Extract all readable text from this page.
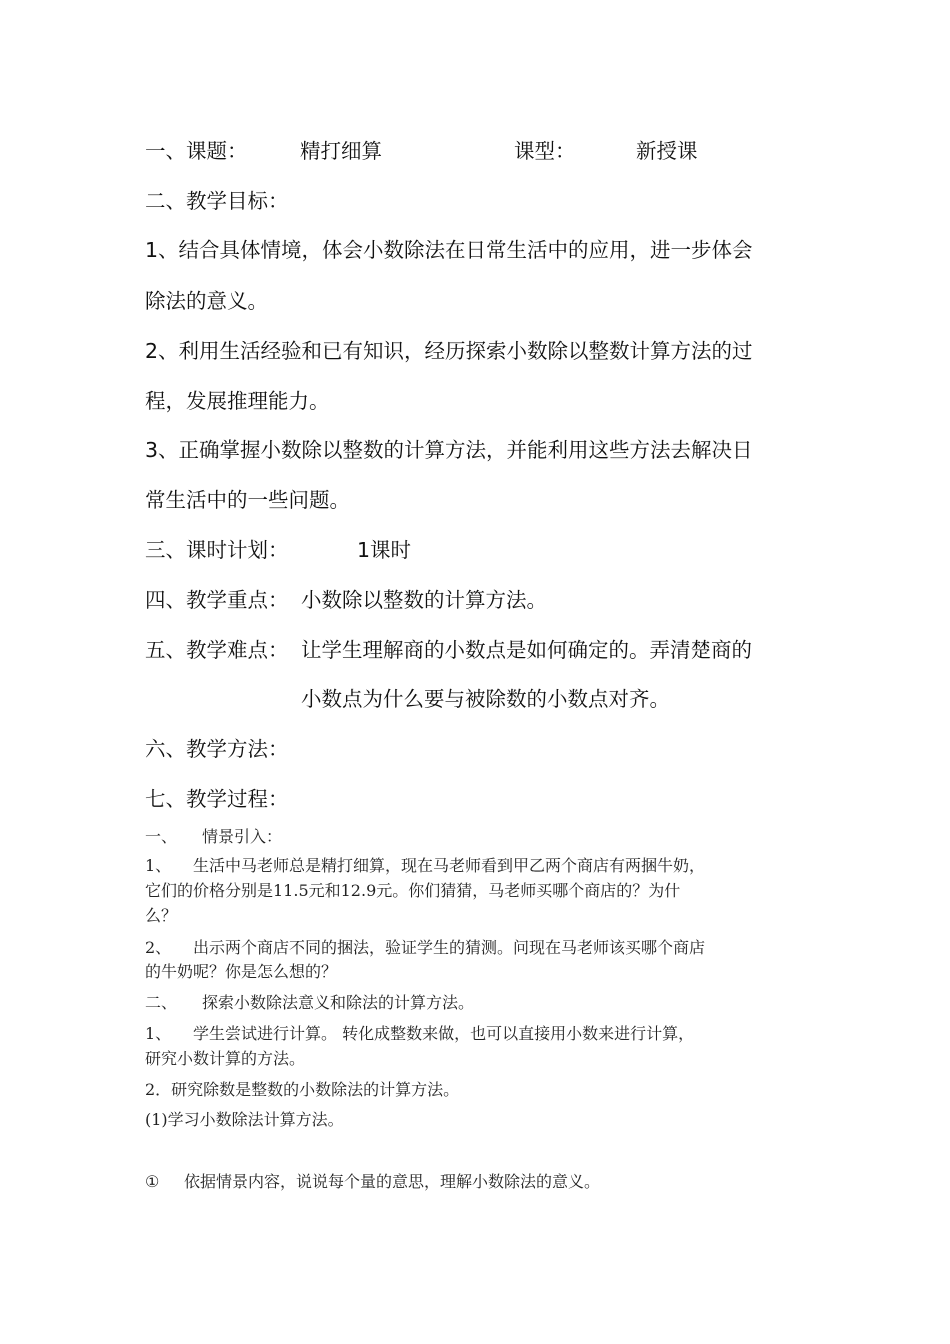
一、课题：	精打细算	课型：	新授课
二、教学目标：
1、结合具体情境，体会小数除法在日常生活中的应用，进一步体会
除法的意义。
2、利用生活经验和已有知识，经历探索小数除以整数计算方法的过
程，发展推理能力。
3、正确掌握小数除以整数的计算方法，并能利用这些方法去解决日
常生活中的一些问题。
三、课时计划：	1课时
四、教学重点： 小数除以整数的计算方法。
五、教学难点： 让学生理解商的小数点是如何确定的。弄清楚商的
小数点为什么要与被除数的小数点对齐。
六、教学方法：
七、教学过程：
一、 情景引入：
1、 生活中马老师总是精打细算，现在马老师看到甲乙两个商店有两捆牛奶，
它们的价格分别是11.5元和12.9元。你们猜猜，马老师买哪个商店的？为什
么？
2、 出示两个商店不同的捆法，验证学生的猜测。问现在马老师该买哪个商店
的牛奶呢？你是怎么想的？
二、 探索小数除法意义和除法的计算方法。
1、 学生尝试进行计算。 转化成整数来做，也可以直接用小数来进行计算，
研究小数计算的方法。
2．研究除数是整数的小数除法的计算方法。
(1)学习小数除法计算方法。
① 依据情景内容，说说每个量的意思，理解小数除法的意义。
